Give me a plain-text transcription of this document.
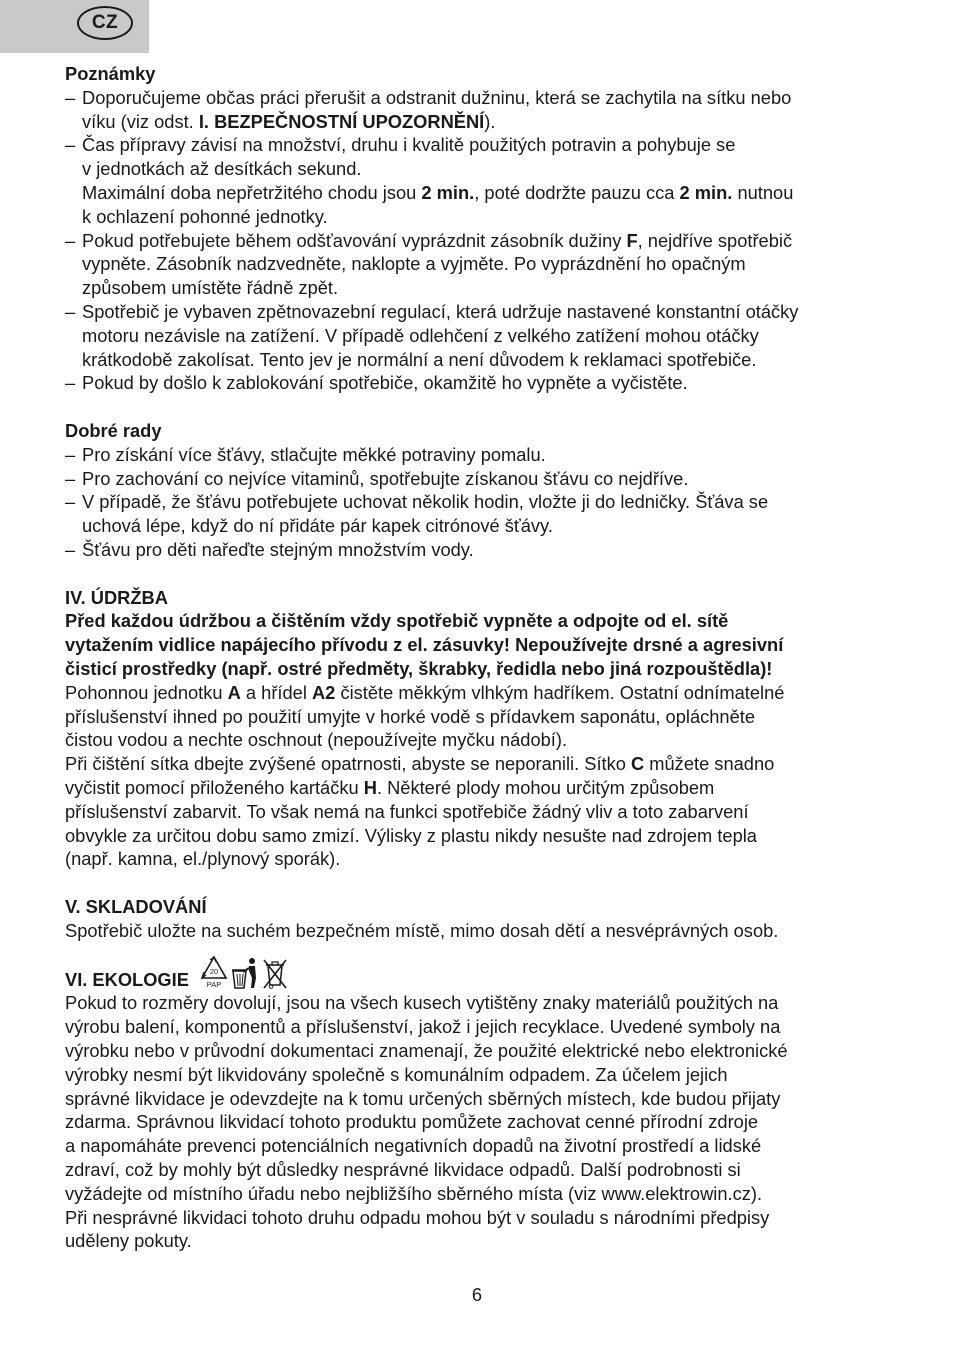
CZ

Poznámky

– Doporučujeme občas práci přerušit a odstranit dužninu, která se zachytila na sítku nebo
víku (viz odst. I. BEZPEČNOSTNÍ UPOZORNĚNÍ).
– Čas přípravy závisí na množství, druhu i kvalitě použitých potravin a pohybuje se
v jednotkách až desítkách sekund.
Maximální doba nepřetržitého chodu jsou 2 min., poté dodržte pauzu cca 2 min. nutnou
k ochlazení pohonné jednotky.
– Pokud potřebujete během odšťavování vyprázdnit zásobník dužiny F, nejdříve spotřebič
vypněte. Zásobník nadzvedněte, naklopte a vyjměte. Po vyprázdnění ho opačným
způsobem umístěte řádně zpět.
– Spotřebič je vybaven zpětnovazební regulací, která udržuje nastavené konstantní otáčky
motoru nezávisle na zatížení. V případě odlehčení z velkého zatížení mohou otáčky
krátkodobě zakolísat. Tento jev je normální a není důvodem k reklamaci spotřebiče.
– Pokud by došlo k zablokování spotřebiče, okamžitě ho vypněte a vyčistěte.

Dobré rady

– Pro získání více šťávy, stlačujte měkké potraviny pomalu.
– Pro zachování co nejvíce vitaminů, spotřebujte získanou šťávu co nejdříve.
– V případě, že šťávu potřebujete uchovat několik hodin, vložte ji do ledničky. Šťáva se
uchová lépe, když do ní přidáte pár kapek citrónové šťávy.
– Šťávu pro děti nařeďte stejným množstvím vody.

IV. ÚDRŽBA

Před každou údržbou a čištěním vždy spotřebič vypněte a odpojte od el. sítě
vytažením vidlice napájecího přívodu z el. zásuvky! Nepoužívejte drsné a agresivní
čisticí prostředky (např. ostré předměty, škrabky, ředidla nebo jiná rozpouštědla)!
Pohonnou jednotku A a hřídel A2 čistěte měkkým vlhkým hadříkem. Ostatní odnímatelné
příslušenství ihned po použití umyjte v horké vodě s přídavkem saponátu, opláchněte
čistou vodou a nechte oschnout (nepoužívejte myčku nádobí).
Při čištění sítka dbejte zvýšené opatrnosti, abyste se neporanili. Sítko C můžete snadno
vyčistit pomocí přiloženého kartáčku H. Některé plody mohou určitým způsobem
příslušenství zabarvit. To však nemá na funkci spotřebiče žádný vliv a toto zabarvení
obvykle za určitou dobu samo zmizí. Výlisky z plastu nikdy nesušte nad zdrojem tepla
(např. kamna, el./plynový sporák).

V. SKLADOVÁNÍ

Spotřebič uložte na suchém bezpečném místě, mimo dosah dětí a nesvéprávných osob.
VI. EKOLOGIE	20
PAP
Pokud to rozměry dovolují, jsou na všech kusech vytištěny znaky materiálů použitých na
výrobu balení, komponentů a příslušenství, jakož i jejich recyklace. Uvedené symboly na
výrobku nebo v průvodní dokumentaci znamenají, že použité elektrické nebo elektronické
výrobky nesmí být likvidovány společně s komunálním odpadem. Za účelem jejich
správné likvidace je odevzdejte na k tomu určených sběrných místech, kde budou přijaty
zdarma. Správnou likvidací tohoto produktu pomůžete zachovat cenné přírodní zdroje
a napomáháte prevenci potenciálních negativních dopadů na životní prostředí a lidské
zdraví, což by mohly být důsledky nesprávné likvidace odpadů. Další podrobnosti si
vyžádejte od místního úřadu nebo nejbližšího sběrného místa (viz www.elektrowin.cz).
Při nesprávné likvidaci tohoto druhu odpadu mohou být v souladu s národními předpisy
uděleny pokuty.
6
